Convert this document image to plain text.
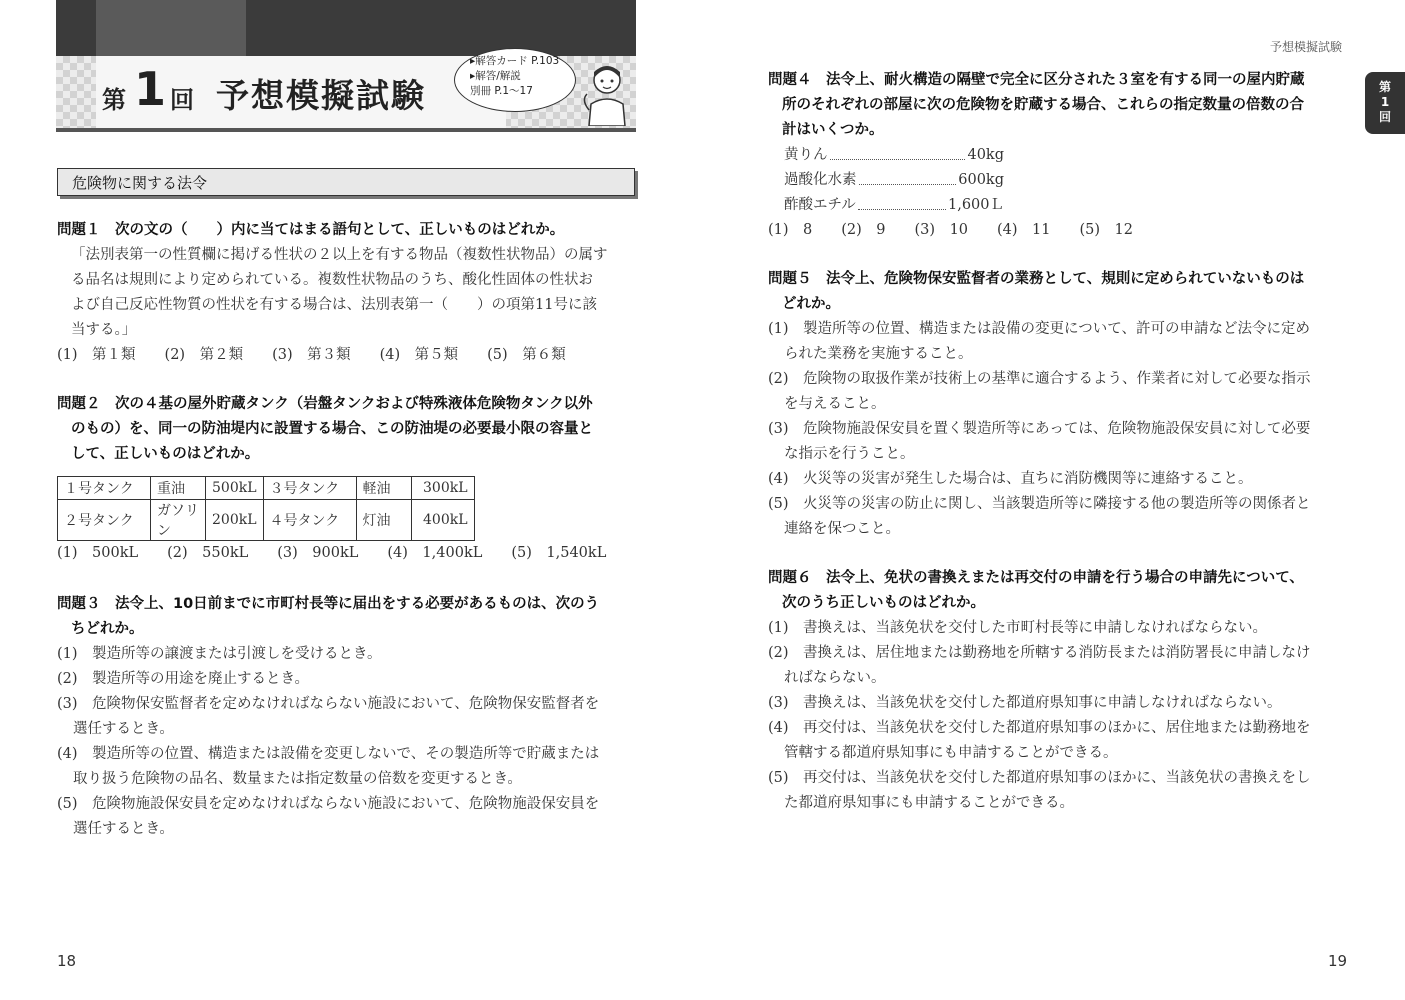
第 1 回 予想模擬試験
▸解答カード P.103
▸解答/解説
別冊 P.1〜17
危険物に関する法令
問題１　次の文の（　　）内に当てはまる語句として、正しいものはどれか。
「法別表第一の性質欄に掲げる性状の２以上を有する物品（複数性状物品）の属す
る品名は規則により定められている。複数性状物品のうち、酸化性固体の性状お
よび自己反応性物質の性状を有する場合は、法別表第一（　　）の項第11号に該
当する。」
(1)　第１類　　(2)　第２類　　(3)　第３類　　(4)　第５類　　(5)　第６類
問題２　次の４基の屋外貯蔵タンク（岩盤タンクおよび特殊液体危険物タンク以外
のもの）を、同一の防油堤内に設置する場合、この防油堤の必要最小限の容量と
して、正しいものはどれか。
１号タンク	重油	500kL	３号タンク	軽油	300kL
２号タンク	ガソリン	200kL	４号タンク	灯油	400kL
(1)　500kL　　(2)　550kL　　(3)　900kL　　(4)　1,400kL　　(5)　1,540kL
問題３　法令上、10日前までに市町村長等に届出をする必要があるものは、次のう
ちどれか。
(1)　製造所等の譲渡または引渡しを受けるとき。
(2)　製造所等の用途を廃止するとき。
(3)　危険物保安監督者を定めなければならない施設において、危険物保安監督者を
選任するとき。
(4)　製造所等の位置、構造または設備を変更しないで、その製造所等で貯蔵または
取り扱う危険物の品名、数量または指定数量の倍数を変更するとき。
(5)　危険物施設保安員を定めなければならない施設において、危険物施設保安員を
選任するとき。
18
予想模擬試験
第
1
回
問題４　法令上、耐火構造の隔壁で完全に区分された３室を有する同一の屋内貯蔵
所のそれぞれの部屋に次の危険物を貯蔵する場合、これらの指定数量の倍数の合
計はいくつか。
黄りん	40kg
過酸化水素	600kg
酢酸エチル	1,600Ｌ
(1)　8　　(2)　9　　(3)　10　　(4)　11　　(5)　12
問題５　法令上、危険物保安監督者の業務として、規則に定められていないものは
どれか。
(1)　製造所等の位置、構造または設備の変更について、許可の申請など法令に定め
られた業務を実施すること。
(2)　危険物の取扱作業が技術上の基準に適合するよう、作業者に対して必要な指示
を与えること。
(3)　危険物施設保安員を置く製造所等にあっては、危険物施設保安員に対して必要
な指示を行うこと。
(4)　火災等の災害が発生した場合は、直ちに消防機関等に連絡すること。
(5)　火災等の災害の防止に関し、当該製造所等に隣接する他の製造所等の関係者と
連絡を保つこと。
問題６　法令上、免状の書換えまたは再交付の申請を行う場合の申請先について、
次のうち正しいものはどれか。
(1)　書換えは、当該免状を交付した市町村長等に申請しなければならない。
(2)　書換えは、居住地または勤務地を所轄する消防長または消防署長に申請しなけ
ればならない。
(3)　書換えは、当該免状を交付した都道府県知事に申請しなければならない。
(4)　再交付は、当該免状を交付した都道府県知事のほかに、居住地または勤務地を
管轄する都道府県知事にも申請することができる。
(5)　再交付は、当該免状を交付した都道府県知事のほかに、当該免状の書換えをし
た都道府県知事にも申請することができる。
19
